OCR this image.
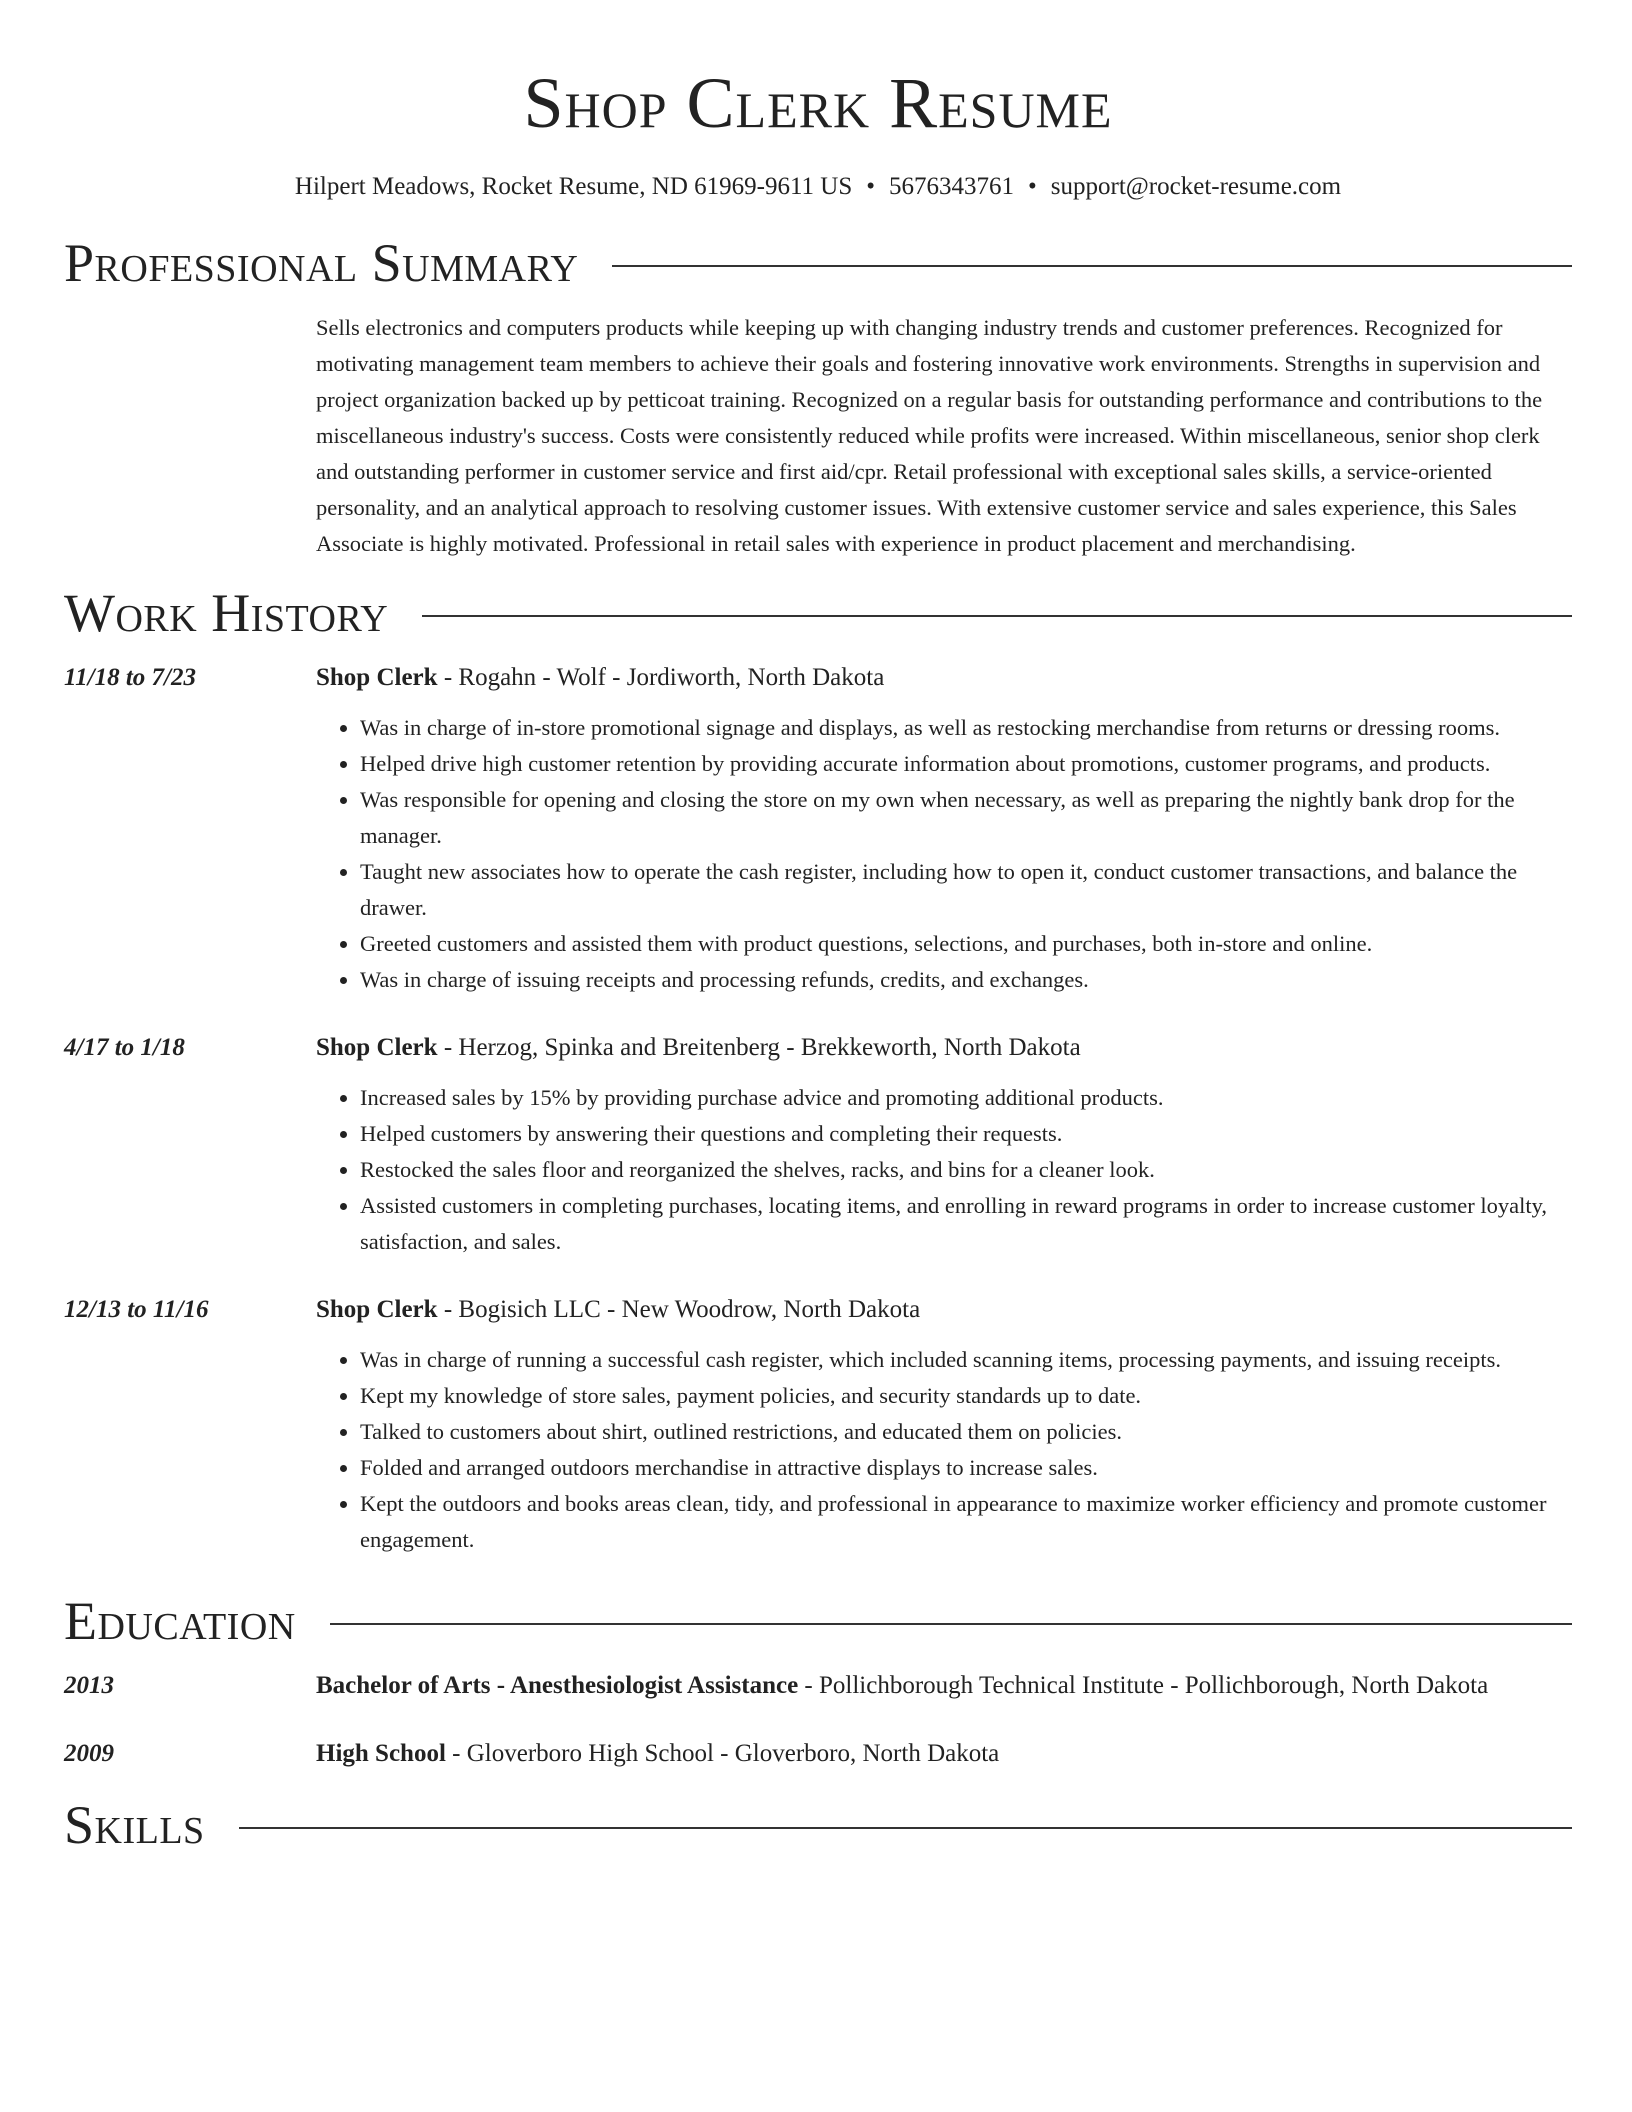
Shop Clerk Resume
Hilpert Meadows, Rocket Resume, ND 61969-9611 US • 5676343761 • support@rocket-resume.com
Professional Summary
Sells electronics and computers products while keeping up with changing industry trends and customer preferences. Recognized for motivating management team members to achieve their goals and fostering innovative work environments. Strengths in supervision and project organization backed up by petticoat training. Recognized on a regular basis for outstanding performance and contributions to the miscellaneous industry's success. Costs were consistently reduced while profits were increased. Within miscellaneous, senior shop clerk and outstanding performer in customer service and first aid/cpr. Retail professional with exceptional sales skills, a service-oriented personality, and an analytical approach to resolving customer issues. With extensive customer service and sales experience, this Sales Associate is highly motivated. Professional in retail sales with experience in product placement and merchandising.
Work History
11/18 to 7/23	Shop Clerk - Rogahn - Wolf - Jordiworth, North Dakota
• Was in charge of in-store promotional signage and displays, as well as restocking merchandise from returns or dressing rooms.
• Helped drive high customer retention by providing accurate information about promotions, customer programs, and products.
• Was responsible for opening and closing the store on my own when necessary, as well as preparing the nightly bank drop for the manager.
• Taught new associates how to operate the cash register, including how to open it, conduct customer transactions, and balance the drawer.
• Greeted customers and assisted them with product questions, selections, and purchases, both in-store and online.
• Was in charge of issuing receipts and processing refunds, credits, and exchanges.
4/17 to 1/18	Shop Clerk - Herzog, Spinka and Breitenberg - Brekkeworth, North Dakota
• Increased sales by 15% by providing purchase advice and promoting additional products.
• Helped customers by answering their questions and completing their requests.
• Restocked the sales floor and reorganized the shelves, racks, and bins for a cleaner look.
• Assisted customers in completing purchases, locating items, and enrolling in reward programs in order to increase customer loyalty, satisfaction, and sales.
12/13 to 11/16	Shop Clerk - Bogisich LLC - New Woodrow, North Dakota
• Was in charge of running a successful cash register, which included scanning items, processing payments, and issuing receipts.
• Kept my knowledge of store sales, payment policies, and security standards up to date.
• Talked to customers about shirt, outlined restrictions, and educated them on policies.
• Folded and arranged outdoors merchandise in attractive displays to increase sales.
• Kept the outdoors and books areas clean, tidy, and professional in appearance to maximize worker efficiency and promote customer engagement.
Education
2013	Bachelor of Arts - Anesthesiologist Assistance - Pollichborough Technical Institute - Pollichborough, North Dakota
2009	High School - Gloverboro High School - Gloverboro, North Dakota
Skills
